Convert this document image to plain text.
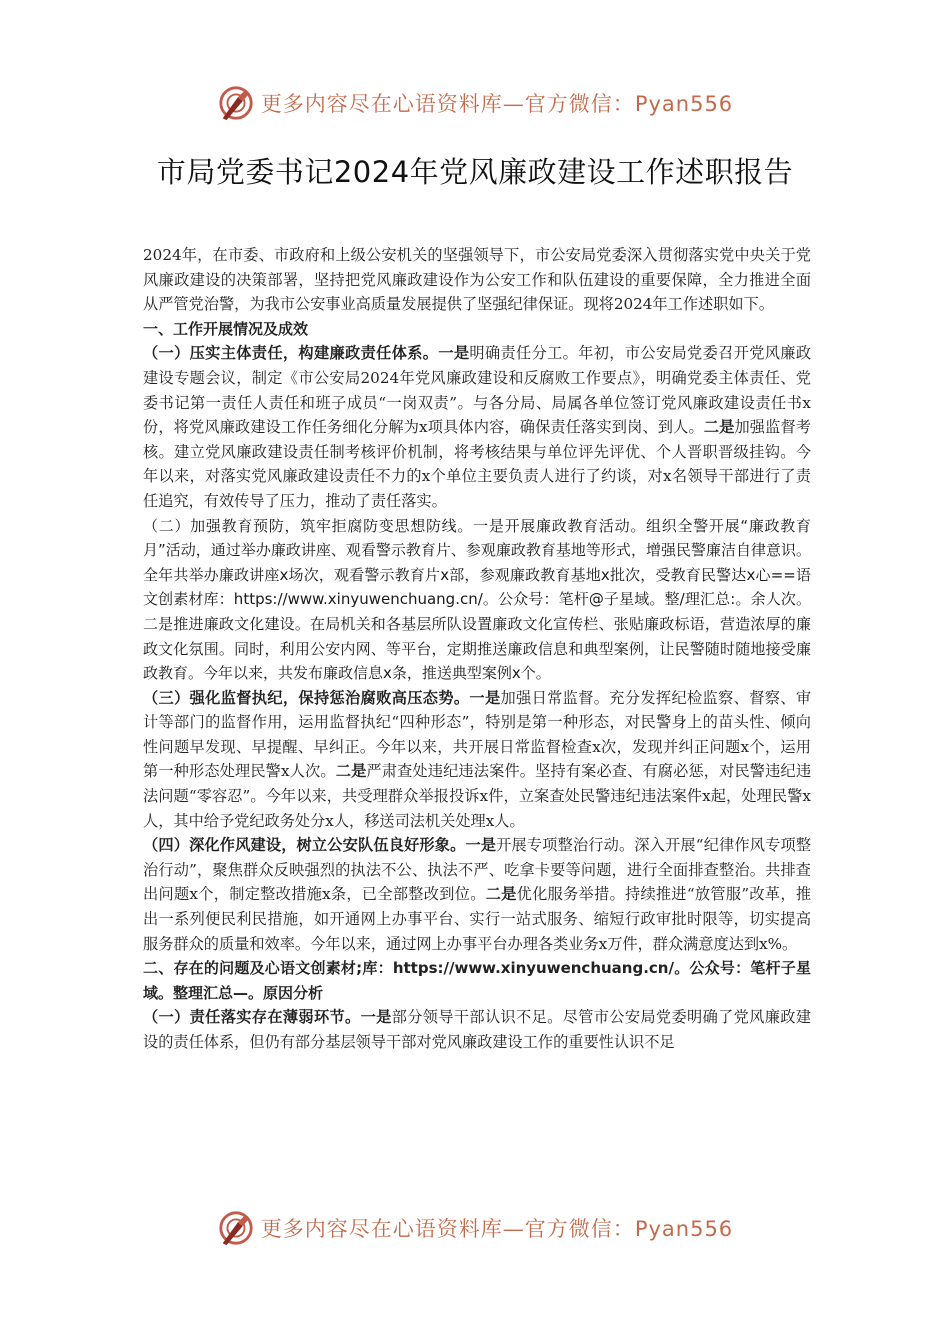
更多内容尽在心语资料库—官方微信：Pyan556
市局党委书记2024年党风廉政建设工作述职报告

2024年，在市委、市政府和上级公安机关的坚强领导下，市公安局党委深入贯彻落实党中央关于党风廉政建设的决策部署，坚持把党风廉政建设作为公安工作和队伍建设的重要保障，全力推进全面从严管党治警，为我市公安事业高质量发展提供了坚强纪律保证。现将2024年工作述职如下。

一、工作开展情况及成效

（一）压实主体责任，构建廉政责任体系。一是明确责任分工。年初，市公安局党委召开党风廉政建设专题会议，制定《市公安局2024年党风廉政建设和反腐败工作要点》，明确党委主体责任、党委书记第一责任人责任和班子成员“一岗双责”。与各分局、局属各单位签订党风廉政建设责任书x份，将党风廉政建设工作任务细化分解为x项具体内容，确保责任落实到岗、到人。二是加强监督考核。建立党风廉政建设责任制考核评价机制，将考核结果与单位评先评优、个人晋职晋级挂钩。今年以来，对落实党风廉政建设责任不力的x个单位主要负责人进行了约谈，对x名领导干部进行了责任追究，有效传导了压力，推动了责任落实。

（二）加强教育预防，筑牢拒腐防变思想防线。一是开展廉政教育活动。组织全警开展“廉政教育月”活动，通过举办廉政讲座、观看警示教育片、参观廉政教育基地等形式，增强民警廉洁自律意识。全年共举办廉政讲座x场次，观看警示教育片x部，参观廉政教育基地x批次，受教育民警达x心==语文创素材库：https://www.xinyuwenchuang.cn/。公众号：笔杆@子星域。整/理汇总:。余人次。二是推进廉政文化建设。在局机关和各基层所队设置廉政文化宣传栏、张贴廉政标语，营造浓厚的廉政文化氛围。同时，利用公安内网、等平台，定期推送廉政信息和典型案例，让民警随时随地接受廉政教育。今年以来，共发布廉政信息x条，推送典型案例x个。

（三）强化监督执纪，保持惩治腐败高压态势。一是加强日常监督。充分发挥纪检监察、督察、审计等部门的监督作用，运用监督执纪“四种形态”，特别是第一种形态，对民警身上的苗头性、倾向性问题早发现、早提醒、早纠正。今年以来，共开展日常监督检查x次，发现并纠正问题x个，运用第一种形态处理民警x人次。二是严肃查处违纪违法案件。坚持有案必查、有腐必惩，对民警违纪违法问题“零容忍”。今年以来，共受理群众举报投诉x件，立案查处民警违纪违法案件x起，处理民警x人，其中给予党纪政务处分x人，移送司法机关处理x人。

（四）深化作风建设，树立公安队伍良好形象。一是开展专项整治行动。深入开展“纪律作风专项整治行动”，聚焦群众反映强烈的执法不公、执法不严、吃拿卡要等问题，进行全面排查整治。共排查出问题x个，制定整改措施x条，已全部整改到位。二是优化服务举措。持续推进“放管服”改革，推出一系列便民利民措施，如开通网上办事平台、实行一站式服务、缩短行政审批时限等，切实提高服务群众的质量和效率。今年以来，通过网上办事平台办理各类业务x万件，群众满意度达到x%。

二、存在的问题及心语文创素材;库：https://www.xinyuwenchuang.cn/。公众号：笔杆子星域。整理汇总—。原因分析

（一）责任落实存在薄弱环节。一是部分领导干部认识不足。尽管市公安局党委明确了党风廉政建设的责任体系，但仍有部分基层领导干部对党风廉政建设工作的重要性认识不足

更多内容尽在心语资料库—官方微信：Pyan556
